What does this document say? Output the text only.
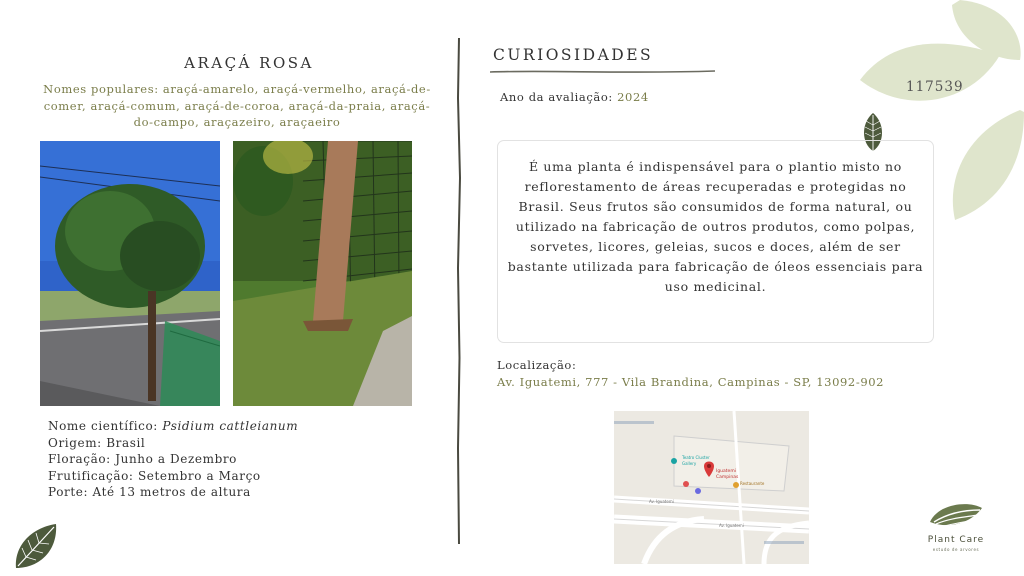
ARAÇÁ ROSA
Nomes populares: araçá-amarelo, araçá-vermelho, araçá-de-comer, araçá-comum, araçá-de-coroa, araçá-da-praia, araçá-do-campo, araçazeiro, araçaeiro
Nome científico: Psidium cattleianum
Origem: Brasil
Floração: Junho a Dezembro
Frutificação: Setembro a Março
Porte: Até 13 metros de altura
CURIOSIDADES
Ano da avaliação: 2024
117539
É uma planta é indispensável para o plantio misto no reflorestamento de áreas recuperadas e protegidas no Brasil. Seus frutos são consumidos de forma natural, ou utilizado na fabricação de outros produtos, como polpas, sorvetes, licores, geleias, sucos e doces, além de ser bastante utilizada para fabricação de óleos essenciais para uso medicinal.
Localização:
Av. Iguatemi, 777 - Vila Brandina, Campinas - SP, 13092-902
Teatro Cluster
Gallery
Restaurante
Iguatemi
Campinas
Av. Iguatemi
Av. Iguatemi
Plant Care
estudo de arvores
